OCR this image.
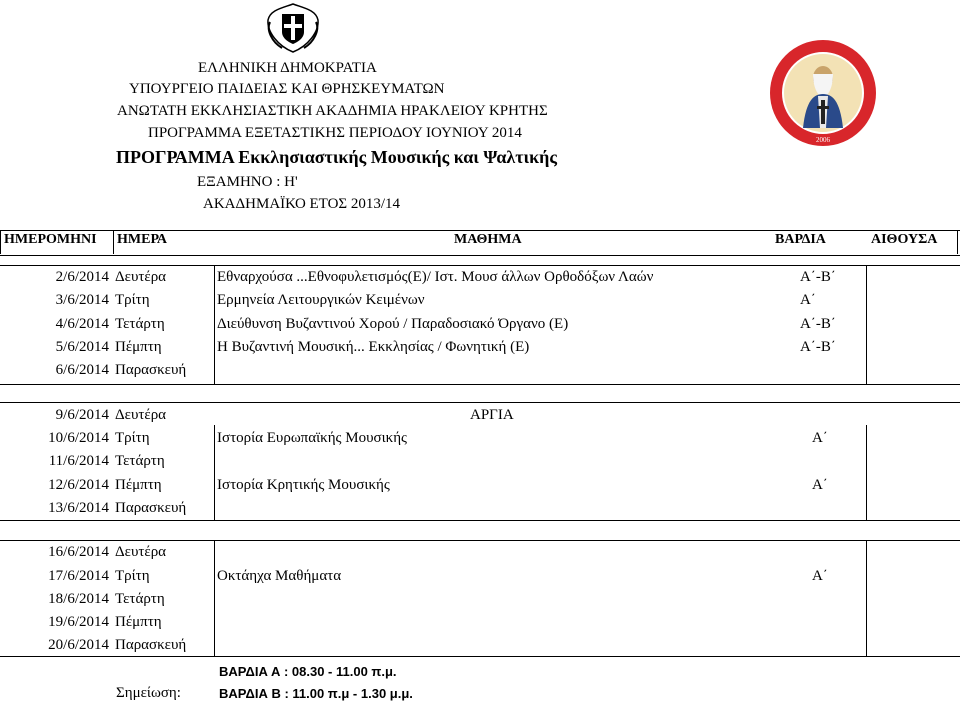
ΕΛΛΗΝΙΚΗ ΔΗΜΟΚΡΑΤΙΑ
ΥΠΟΥΡΓΕΙΟ ΠΑΙΔΕΙΑΣ ΚΑΙ ΘΡΗΣΚΕΥΜΑΤΩΝ
ΑΝΩΤΑΤΗ ΕΚΚΛΗΣΙΑΣΤΙΚΗ ΑΚΑΔΗΜΙΑ ΗΡΑΚΛΕΙΟΥ ΚΡΗΤΗΣ
ΠΡΟΓΡΑΜΜΑ ΕΞΕΤΑΣΤΙΚΗΣ ΠΕΡΙΟΔΟΥ ΙΟΥΝΙΟΥ 2014
ΠΡΟΓΡΑΜΜΑ Εκκλησιαστικής Μουσικής και Ψαλτικής
ΕΞΑΜΗΝΟ : Η'
ΑΚΑΔΗΜΑΪΚΟ ΕΤΟΣ 2013/14
2006
ΗΜΕΡΟΜΗΝΙ ΗΜΕΡΑ	ΜΑΘΗΜΑ	ΒΑΡΔΙΑ	ΑΙΘΟΥΣΑ
2/6/2014 Δευτέρα	Εθναρχούσα ...Εθνοφυλετισμός(Ε)/ Ιστ. Μουσ άλλων Ορθοδόξων Λαών	Α΄-Β΄
3/6/2014 Τρίτη	Ερμηνεία Λειτουργικών Κειμένων	Α΄
4/6/2014 Τετάρτη	Διεύθυνση Βυζαντινού Χορού / Παραδοσιακό Όργανο (Ε)	Α΄-Β΄
5/6/2014 Πέμπτη	Η Βυζαντινή Μουσική... Εκκλησίας / Φωνητική (Ε)	Α΄-Β΄
6/6/2014 Παρασκευή
9/6/2014 Δευτέρα	ΑΡΓΙΑ
10/6/2014 Τρίτη	Ιστορία Ευρωπαϊκής Μουσικής	Α΄
11/6/2014 Τετάρτη
12/6/2014 Πέμπτη	Ιστορία Κρητικής Μουσικής	Α΄
13/6/2014 Παρασκευή
16/6/2014 Δευτέρα
17/6/2014 Τρίτη	Οκτάηχα Μαθήματα	Α΄
18/6/2014 Τετάρτη
19/6/2014 Πέμπτη
20/6/2014 Παρασκευή
ΒΑΡΔΙΑ Α : 08.30 - 11.00 π.μ.
Σημείωση:	ΒΑΡΔΙΑ Β : 11.00 π.μ - 1.30 μ.μ.
